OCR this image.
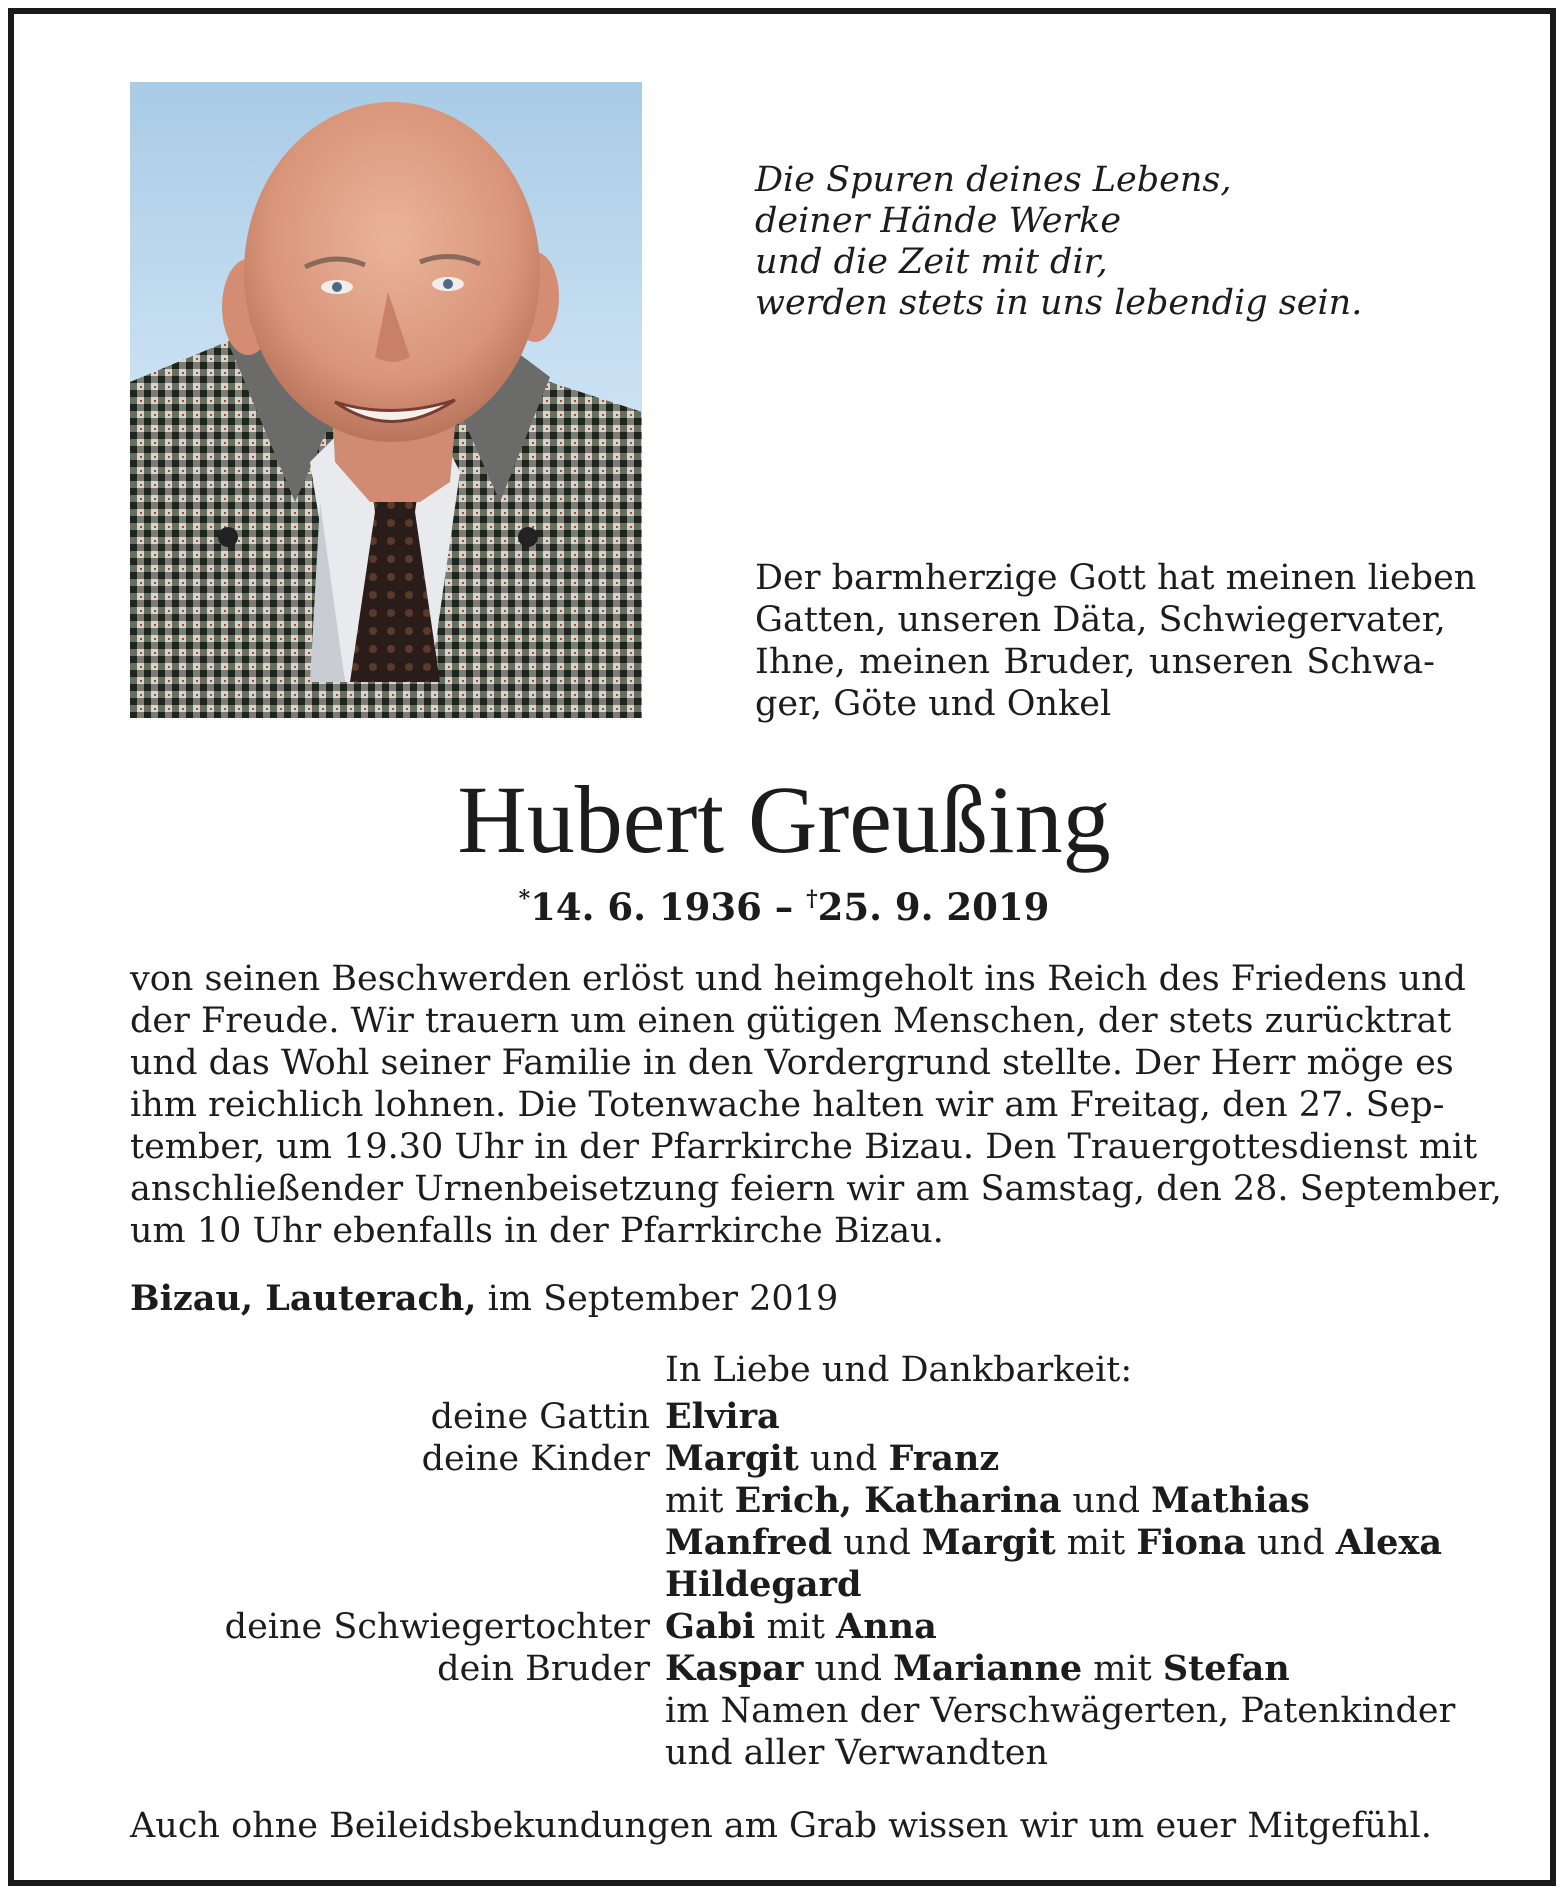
Die Spuren deines Lebens,
deiner Hände Werke
und die Zeit mit dir,
werden stets in uns lebendig sein.
Der barmherzige Gott hat meinen lieben
Gatten, unseren Däta, Schwiegervater,
Ihne, meinen Bruder, unseren Schwa-
ger, Göte und Onkel
Hubert Greußing
*14. 6. 1936 – †25. 9. 2019
von seinen Beschwerden erlöst und heimgeholt ins Reich des Friedens und
der Freude. Wir trauern um einen gütigen Menschen, der stets zurücktrat
und das Wohl seiner Familie in den Vordergrund stellte. Der Herr möge es
ihm reichlich lohnen. Die Totenwache halten wir am Freitag, den 27. Sep-
tember, um 19.30 Uhr in der Pfarrkirche Bizau. Den Trauergottesdienst mit
anschließender Urnenbeisetzung feiern wir am Samstag, den 28. September,
um 10 Uhr ebenfalls in der Pfarrkirche Bizau.
Bizau, Lauterach, im September 2019
In Liebe und Dankbarkeit:
deine Gattin Elvira
deine Kinder Margit und Franz
mit Erich, Katharina und Mathias
Manfred und Margit mit Fiona und Alexa
Hildegard
deine Schwiegertochter Gabi mit Anna
dein Bruder Kaspar und Marianne mit Stefan
im Namen der Verschwägerten, Patenkinder
und aller Verwandten
Auch ohne Beileidsbekundungen am Grab wissen wir um euer Mitgefühl.
